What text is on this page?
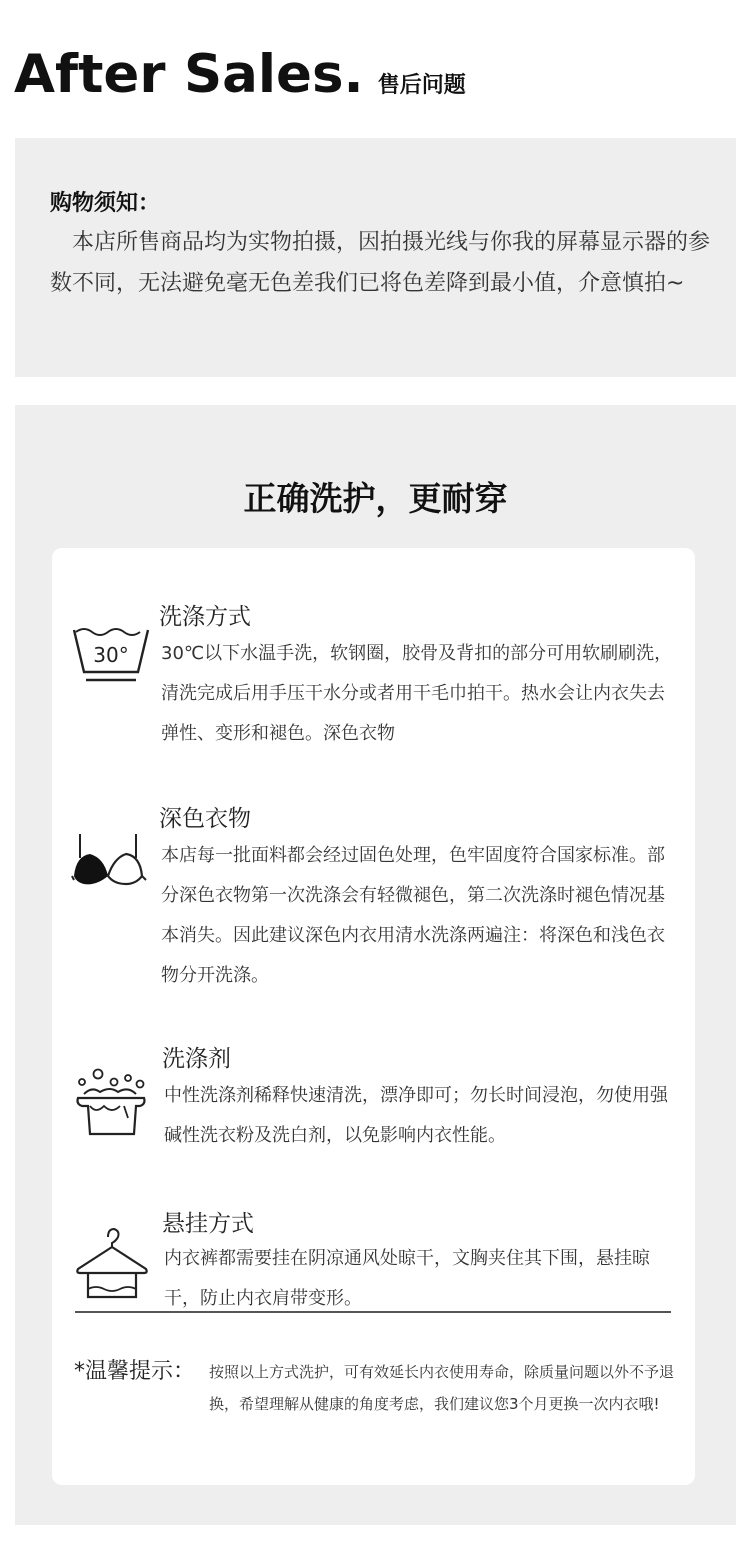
After Sales. 售后问题
购物须知：
本店所售商品均为实物拍摄，因拍摄光线与你我的屏幕显示器的参数不同，无法避免毫无色差我们已将色差降到最小值，介意慎拍~
正确洗护，更耐穿
30°
洗涤方式
30℃以下水温手洗，软钢圈，胶骨及背扣的部分可用软刷刷洗，清洗完成后用手压干水分或者用干毛巾拍干。热水会让内衣失去弹性、变形和褪色。深色衣物
深色衣物
本店每一批面料都会经过固色处理，色牢固度符合国家标准。部分深色衣物第一次洗涤会有轻微褪色，第二次洗涤时褪色情况基本消失。因此建议深色内衣用清水洗涤两遍注：将深色和浅色衣物分开洗涤。
洗涤剂
中性洗涤剂稀释快速清洗，漂净即可；勿长时间浸泡，勿使用强碱性洗衣粉及洗白剂，以免影响内衣性能。
悬挂方式
内衣裤都需要挂在阴凉通风处晾干，文胸夹住其下围，悬挂晾干，防止内衣肩带变形。
*温馨提示： 按照以上方式洗护，可有效延长内衣使用寿命，除质量问题以外不予退换，希望理解从健康的角度考虑，我们建议您3个月更换一次内衣哦!
